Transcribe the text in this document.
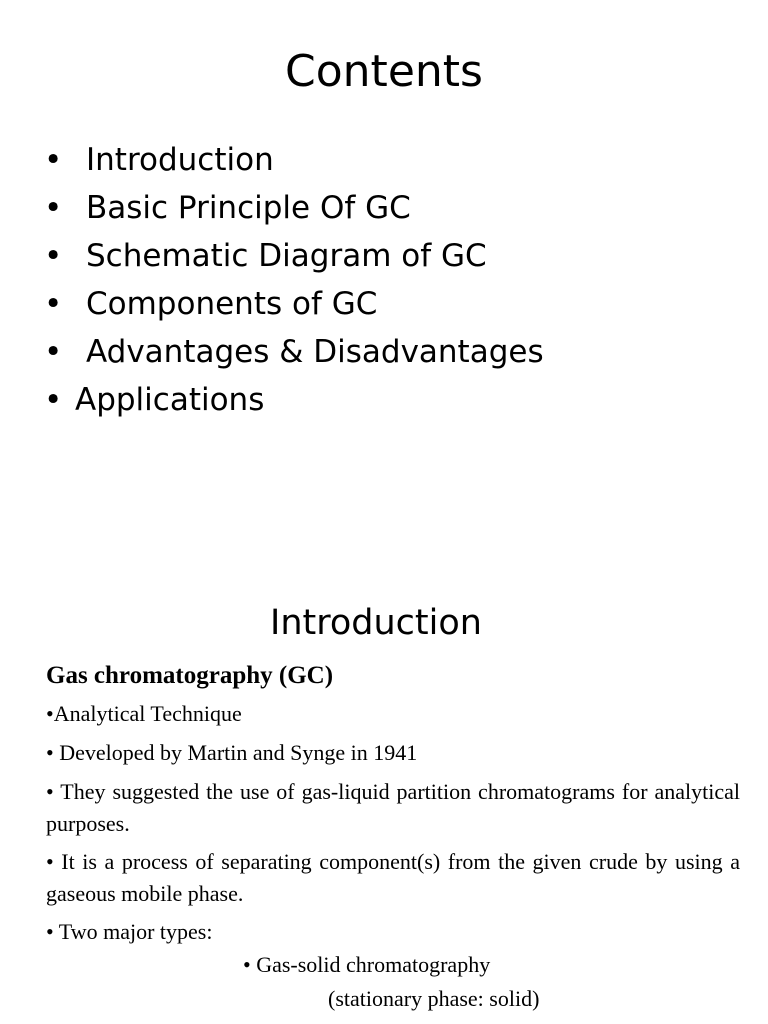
Contents
• Introduction
• Basic Principle Of GC
• Schematic Diagram of GC
• Components of GC
• Advantages & Disadvantages
• Applications
Introduction
Gas chromatography (GC)
•Analytical Technique
• Developed by Martin and Synge in 1941
• They suggested the use of gas-liquid partition chromatograms for analytical purposes.
• It is a process of separating component(s) from the given crude by using a gaseous mobile phase.
• Two major types:
• Gas-solid chromatography
(stationary phase: solid)
